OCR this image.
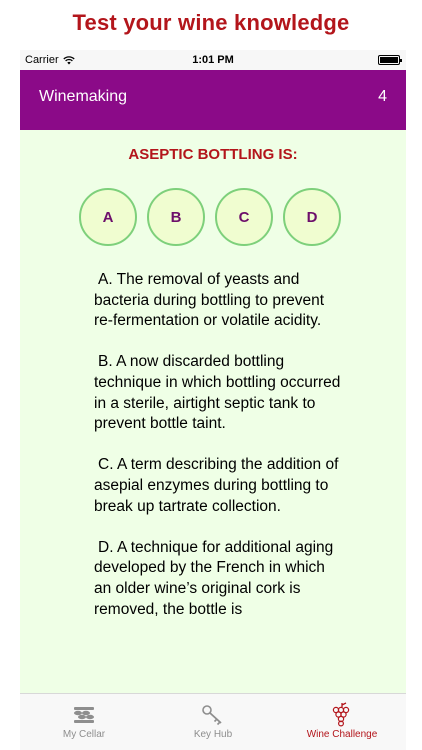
Test your wine knowledge
Carrier	1:01 PM
Winemaking	4
ASEPTIC BOTTLING IS:
A	B	C	D

A. The removal of yeasts and bacteria during bottling to prevent re-fermentation or volatile acidity.

B. A now discarded bottling technique in which bottling occurred in a sterile, airtight septic tank to prevent bottle taint.

C. A term describing the addition of asepial enzymes during bottling to break up tartrate collection.

D. A technique for additional aging developed by the French in which an older wine’s original cork is removed, the bottle is

My Cellar	Key Hub	Wine Challenge
